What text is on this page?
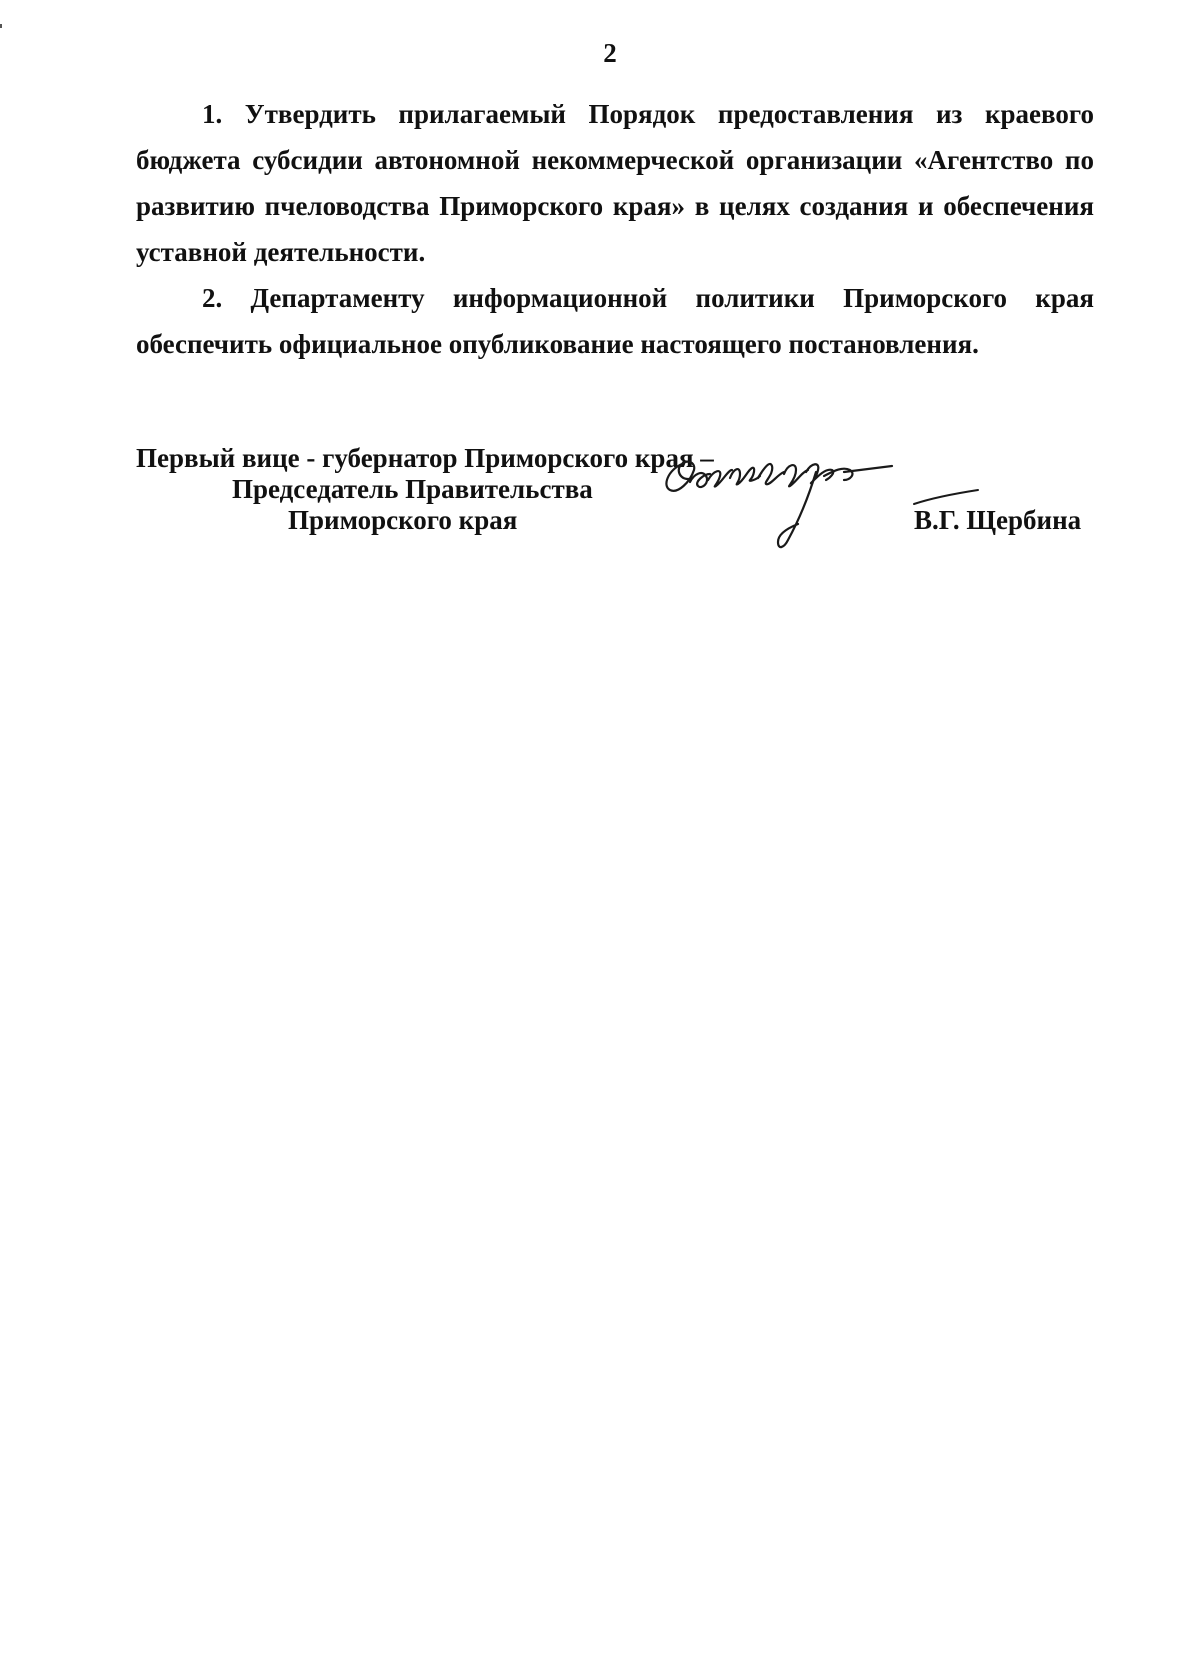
2

1. Утвердить прилагаемый Порядок предоставления из краевого бюджета субсидии автономной некоммерческой организации «Агентство по развитию пчеловодства Приморского края» в целях создания и обеспечения уставной деятельности.

2. Департаменту информационной политики Приморского края обеспечить официальное опубликование настоящего постановления.

Первый вице - губернатор Приморского края –
Председатель Правительства
Приморского края	В.Г. Щербина
